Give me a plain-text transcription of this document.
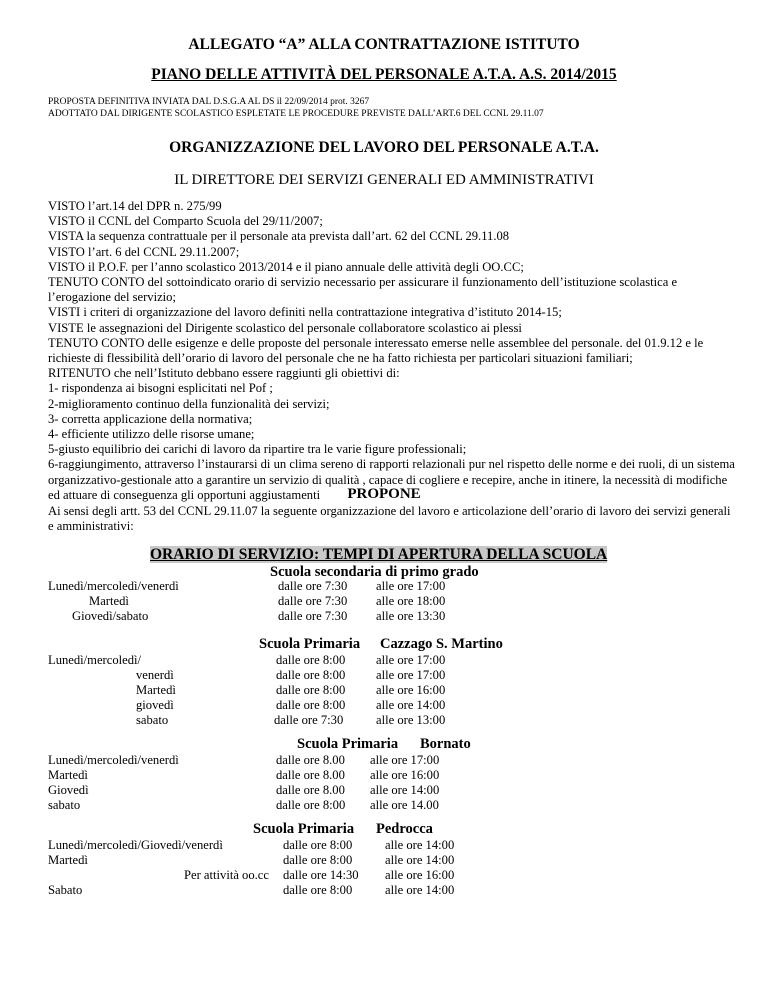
ALLEGATO “A” ALLA CONTRATTAZIONE ISTITUTO
PIANO DELLE ATTIVITÀ DEL PERSONALE A.T.A. A.S. 2014/2015
PROPOSTA DEFINITIVA INVIATA DAL D.S.G.A AL DS il 22/09/2014 prot. 3267
ADOTTATO DAL DIRIGENTE SCOLASTICO ESPLETATE LE PROCEDURE PREVISTE DALL’ART.6 DEL CCNL 29.11.07
ORGANIZZAZIONE DEL LAVORO DEL PERSONALE A.T.A.
IL DIRETTORE DEI SERVIZI GENERALI ED AMMINISTRATIVI

VISTO l’art.14 del DPR n. 275/99

VISTO il CCNL del Comparto Scuola del 29/11/2007;

VISTA la sequenza contrattuale per il personale ata prevista dall’art. 62 del CCNL 29.11.08

VISTO l’art. 6 del CCNL 29.11.2007;

VISTO il P.O.F. per l’anno scolastico 2013/2014 e il piano annuale delle attività degli OO.CC;

TENUTO CONTO del sottoindicato orario di servizio necessario per assicurare il funzionamento dell’istituzione scolastica e l’erogazione del servizio;

VISTI i criteri di organizzazione del lavoro definiti nella contrattazione integrativa d’istituto 2014-15;

VISTE le assegnazioni del Dirigente scolastico del personale collaboratore scolastico ai plessi

TENUTO CONTO delle esigenze e delle proposte del personale interessato emerse nelle assemblee del personale. del 01.9.12 e le richieste di flessibilità dell’orario di lavoro del personale che ne ha fatto richiesta per particolari situazioni familiari;

RITENUTO che nell’Istituto debbano essere raggiunti gli obiettivi di:

1- rispondenza ai bisogni esplicitati nel Pof ;

2-miglioramento continuo della funzionalità dei servizi;

3- corretta applicazione della normativa;

4- efficiente utilizzo delle risorse umane;

5-giusto equilibrio dei carichi di lavoro da ripartire tra le varie figure professionali;

6-raggiungimento, attraverso l’instaurarsi di un clima sereno di rapporti relazionali pur nel rispetto delle norme e dei ruoli, di un sistema organizzativo-gestionale atto a garantire un servizio di qualità , capace di cogliere e recepire, anche in itinere, la necessità di modifiche ed attuare di conseguenza gli opportuni aggiustamenti	PROPONE
Ai sensi degli artt. 53 del CCNL 29.11.07 la seguente organizzazione del lavoro e articolazione dell’orario di lavoro dei servizi generali e amministrativi:
ORARIO DI SERVIZIO: TEMPI DI APERTURA DELLA SCUOLA
Scuola secondaria di primo grado
Lunedì/mercoledì/venerdì	dalle ore 7:30 alle ore 17:00
Martedì	dalle ore 7:30 alle ore 18:00
Giovedì/sabato	dalle ore 7:30 alle ore 13:30
Scuola Primaria Cazzago S. Martino
Lunedì/mercoledì/	dalle ore 8:00 alle ore 17:00
venerdì	dalle ore 8:00 alle ore 17:00
Martedì	dalle ore 8:00 alle ore 16:00
giovedì	dalle ore 8:00 alle ore 14:00
sabato	dalle ore 7:30	alle ore 13:00
Scuola Primaria Bornato
Lunedì/mercoledì/venerdì	dalle ore 8.00 alle ore 17:00
Martedì	dalle ore 8.00 alle ore 16:00
Giovedì	dalle ore 8.00 alle ore 14:00
sabato	dalle ore 8:00 alle ore 14.00
Scuola Primaria Pedrocca
Lunedì/mercoledì/Giovedì/venerdì	dalle ore 8:00	alle ore 14:00
Martedì	dalle ore 8:00	alle ore 14:00
Per attività oo.cc dalle ore 14:30 alle ore 16:00
Sabato	dalle ore 8:00	alle ore 14:00
